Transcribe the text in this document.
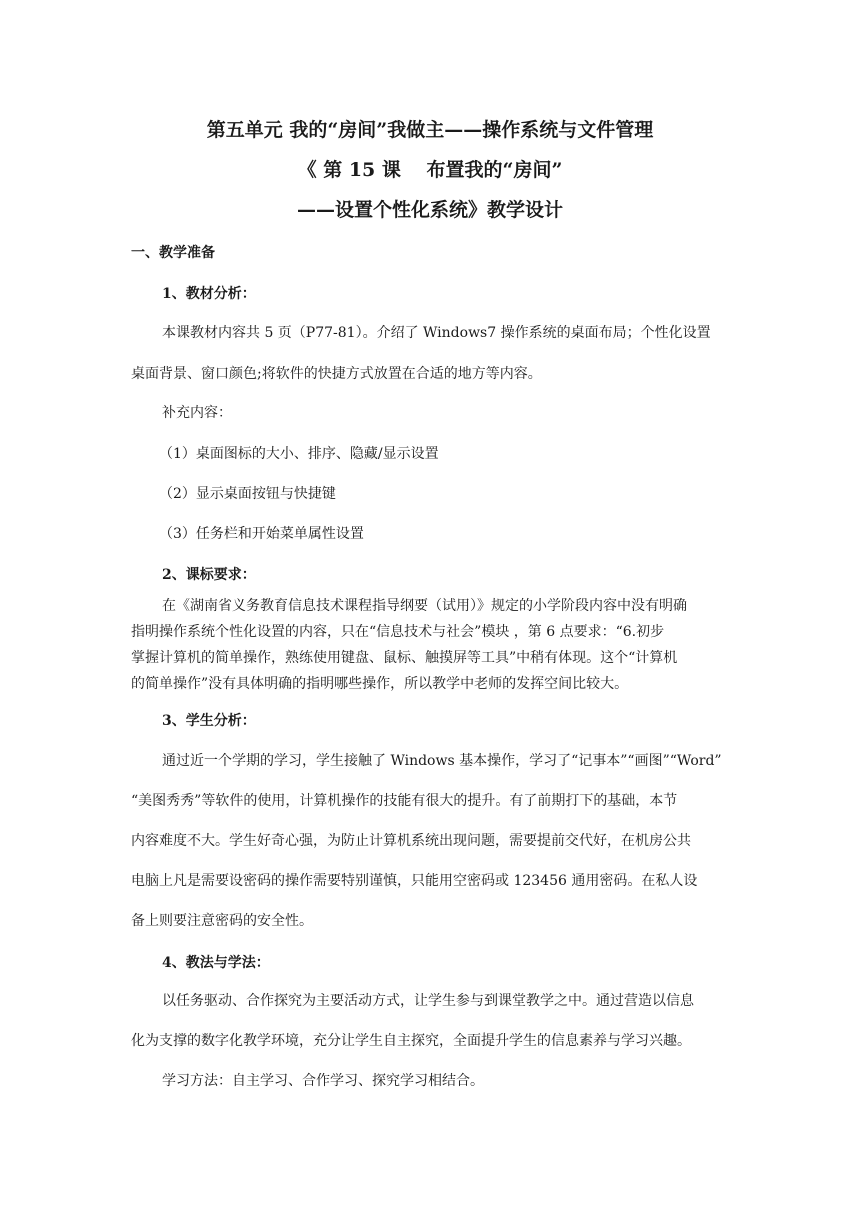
第五单元 我的“房间”我做主——操作系统与文件管理
《 第 15 课　 布置我的“房间”
——设置个性化系统》教学设计
一、教学准备
1、教材分析：
本课教材内容共 5 页（P77-81）。介绍了 Windows7 操作系统的桌面布局；个性化设置
桌面背景、窗口颜色;将软件的快捷方式放置在合适的地方等内容。
补充内容：
（1）桌面图标的大小、排序、隐藏/显示设置
（2）显示桌面按钮与快捷键
（3）任务栏和开始菜单属性设置
2、课标要求：
在《湖南省义务教育信息技术课程指导纲要（试用）》规定的小学阶段内容中没有明确
指明操作系统个性化设置的内容，只在“信息技术与社会”模块 ，第 6 点要求：“6.初步
掌握计算机的简单操作，熟练使用键盘、鼠标、触摸屏等工具”中稍有体现。这个“计算机
的简单操作”没有具体明确的指明哪些操作，所以教学中老师的发挥空间比较大。
3、学生分析：
通过近一个学期的学习，学生接触了 Windows 基本操作，学习了“记事本”“画图”“Word”
“美图秀秀”等软件的使用，计算机操作的技能有很大的提升。有了前期打下的基础，本节
内容难度不大。学生好奇心强，为防止计算机系统出现问题，需要提前交代好，在机房公共
电脑上凡是需要设密码的操作需要特别谨慎，只能用空密码或 123456 通用密码。在私人设
备上则要注意密码的安全性。
4、教法与学法：
以任务驱动、合作探究为主要活动方式，让学生参与到课堂教学之中。通过营造以信息
化为支撑的数字化教学环境，充分让学生自主探究，全面提升学生的信息素养与学习兴趣。
学习方法：自主学习、合作学习、探究学习相结合。
